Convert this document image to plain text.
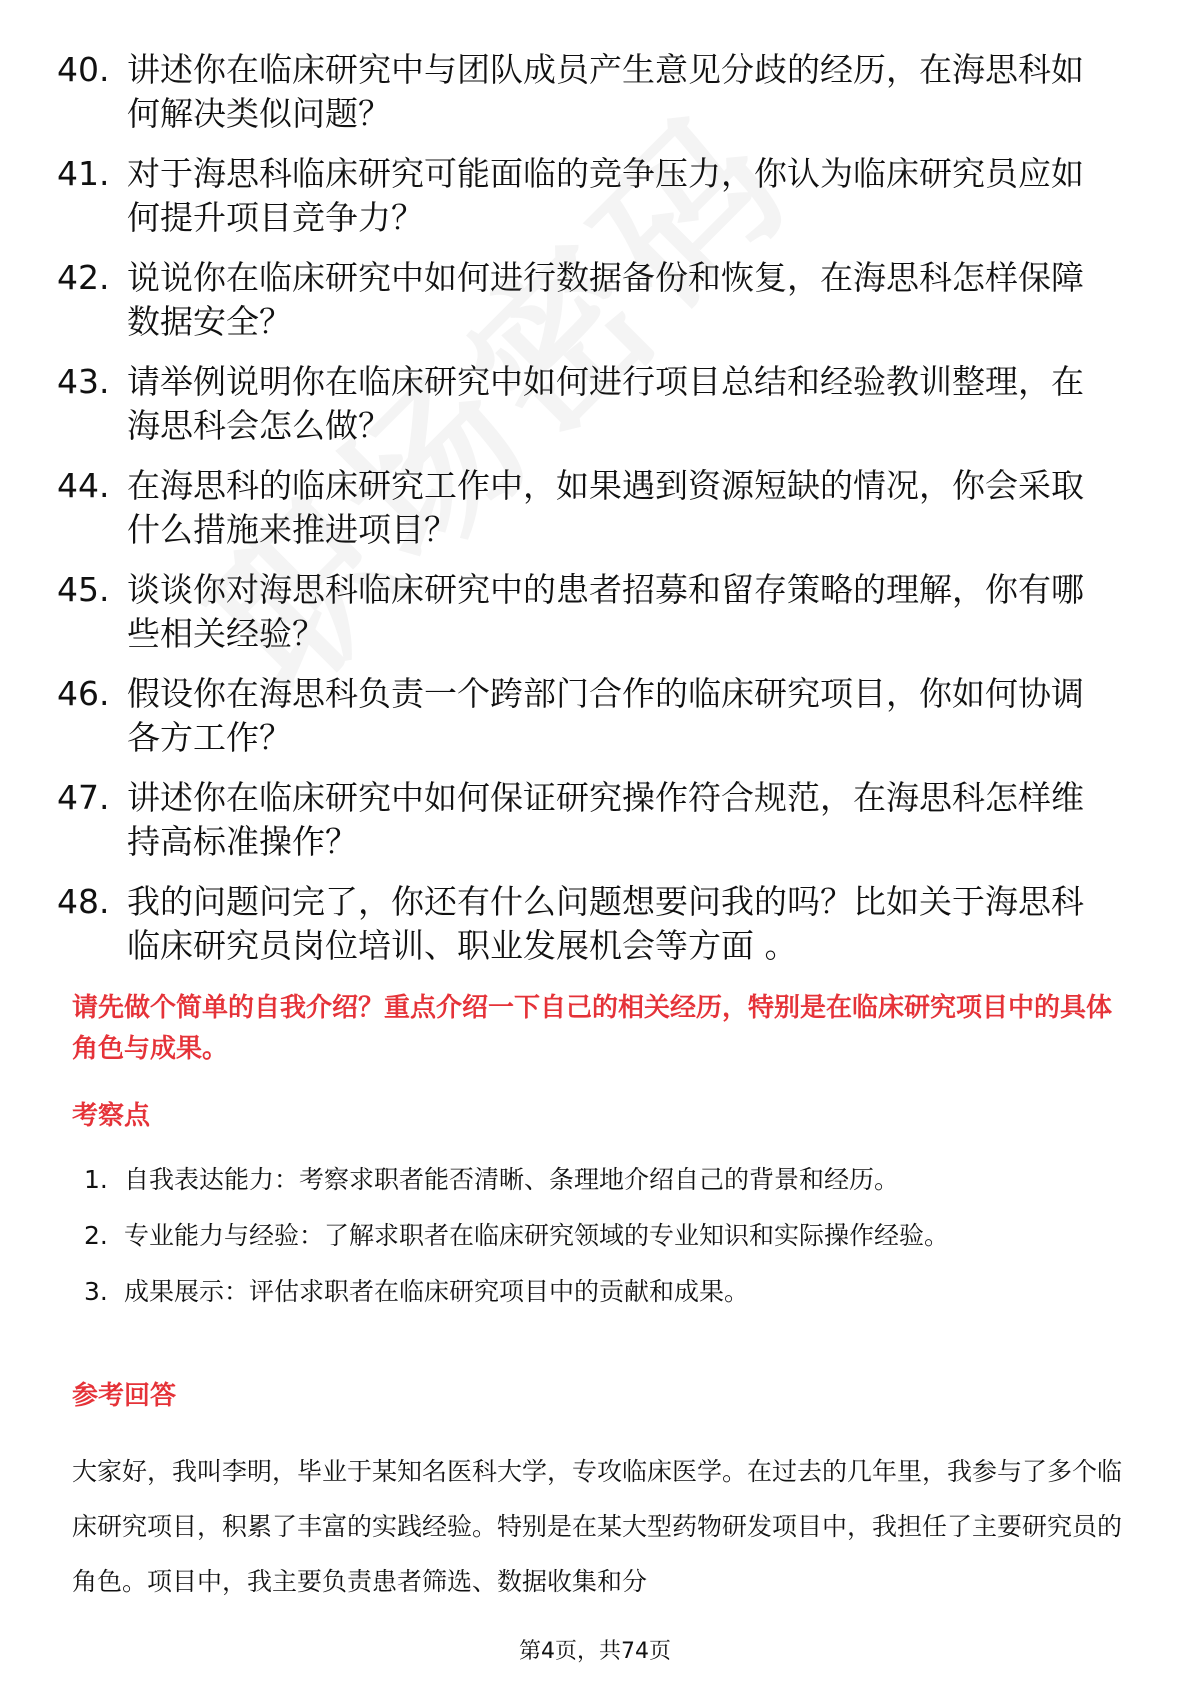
40. 讲述你在临床研究中与团队成员产生意见分歧的经历，在海思科如何解决类似问题？
41. 对于海思科临床研究可能面临的竞争压力，你认为临床研究员应如何提升项目竞争力？
42. 说说你在临床研究中如何进行数据备份和恢复，在海思科怎样保障数据安全？
43. 请举例说明你在临床研究中如何进行项目总结和经验教训整理，在海思科会怎么做？
44. 在海思科的临床研究工作中，如果遇到资源短缺的情况，你会采取什么措施来推进项目？
45. 谈谈你对海思科临床研究中的患者招募和留存策略的理解，你有哪些相关经验？
46. 假设你在海思科负责一个跨部门合作的临床研究项目，你如何协调各方工作？
47. 讲述你在临床研究中如何保证研究操作符合规范，在海思科怎样维持高标准操作？
48. 我的问题问完了，你还有什么问题想要问我的吗？比如关于海思科临床研究员岗位培训、职业发展机会等方面 。
请先做个简单的自我介绍？重点介绍一下自己的相关经历，特别是在临床研究项目中的具体角色与成果。
考察点
1. 自我表达能力：考察求职者能否清晰、条理地介绍自己的背景和经历。
2. 专业能力与经验：了解求职者在临床研究领域的专业知识和实际操作经验。
3. 成果展示：评估求职者在临床研究项目中的贡献和成果。
参考回答
大家好，我叫李明，毕业于某知名医科大学，专攻临床医学。在过去的几年里，我参与了多个临床研究项目，积累了丰富的实践经验。特别是在某大型药物研发项目中，我担任了主要研究员的角色。项目中，我主要负责患者筛选、数据收集和分
第4页，共74页
